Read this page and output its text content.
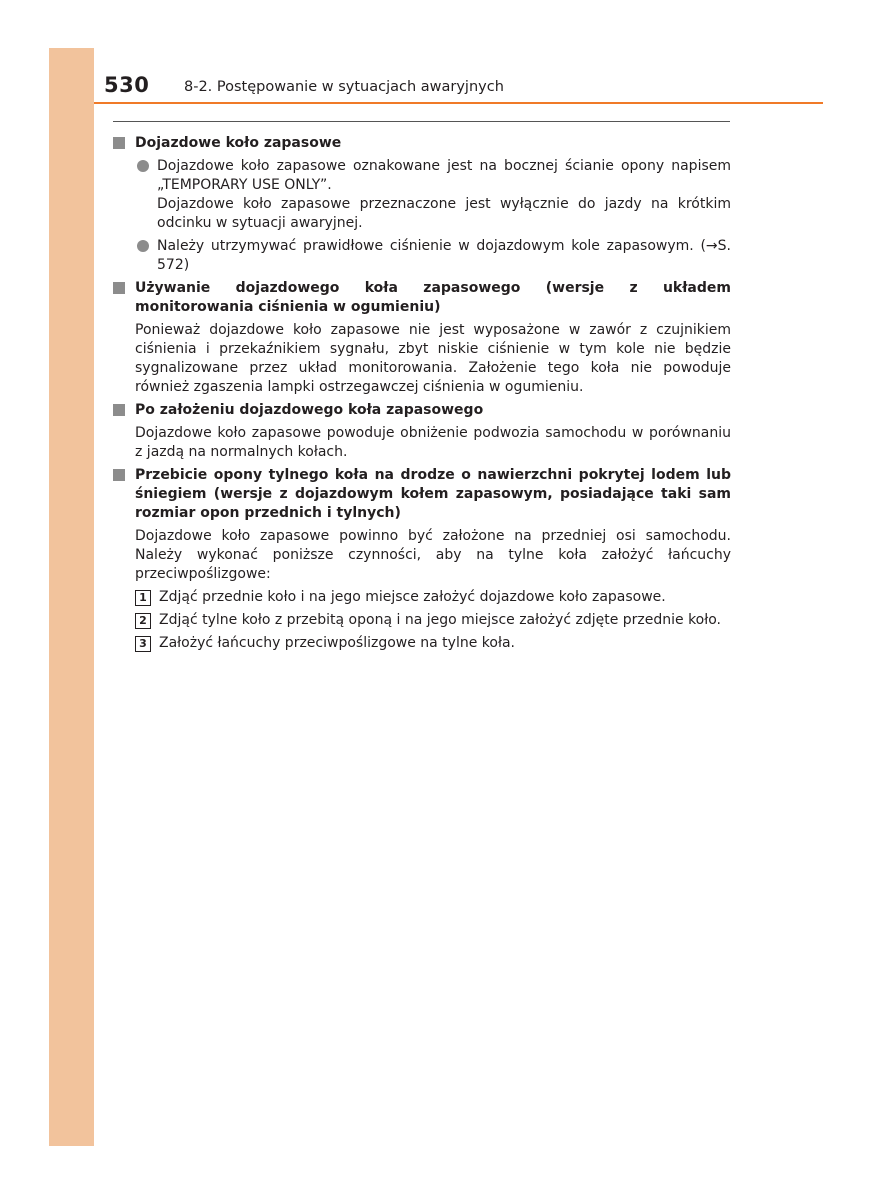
530 8-2. Postępowanie w sytuacjach awaryjnych
Dojazdowe koło zapasowe
Dojazdowe koło zapasowe oznakowane jest na bocznej ścianie opony napisem „TEMPORARY USE ONLY”.
Dojazdowe koło zapasowe przeznaczone jest wyłącznie do jazdy na krótkim odcinku w sytuacji awaryjnej.
Należy utrzymywać prawidłowe ciśnienie w dojazdowym kole zapasowym. (→S. 572)
Używanie dojazdowego koła zapasowego (wersje z układem monitorowania ciśnienia w ogumieniu)
Ponieważ dojazdowe koło zapasowe nie jest wyposażone w zawór z czujnikiem ciśnienia i przekaźnikiem sygnału, zbyt niskie ciśnienie w tym kole nie będzie sygnalizowane przez układ monitorowania. Założenie tego koła nie powoduje również zgaszenia lampki ostrzegawczej ciśnienia w ogumieniu.
Po założeniu dojazdowego koła zapasowego
Dojazdowe koło zapasowe powoduje obniżenie podwozia samochodu w porównaniu z jazdą na normalnych kołach.
Przebicie opony tylnego koła na drodze o nawierzchni pokrytej lodem lub śniegiem (wersje z dojazdowym kołem zapasowym, posiadające taki sam rozmiar opon przednich i tylnych)
Dojazdowe koło zapasowe powinno być założone na przedniej osi samochodu. Należy wykonać poniższe czynności, aby na tylne koła założyć łańcuchy przeciwpoślizgowe:
1 Zdjąć przednie koło i na jego miejsce założyć dojazdowe koło zapasowe.
2 Zdjąć tylne koło z przebitą oponą i na jego miejsce założyć zdjęte przednie koło.
3 Założyć łańcuchy przeciwpoślizgowe na tylne koła.
